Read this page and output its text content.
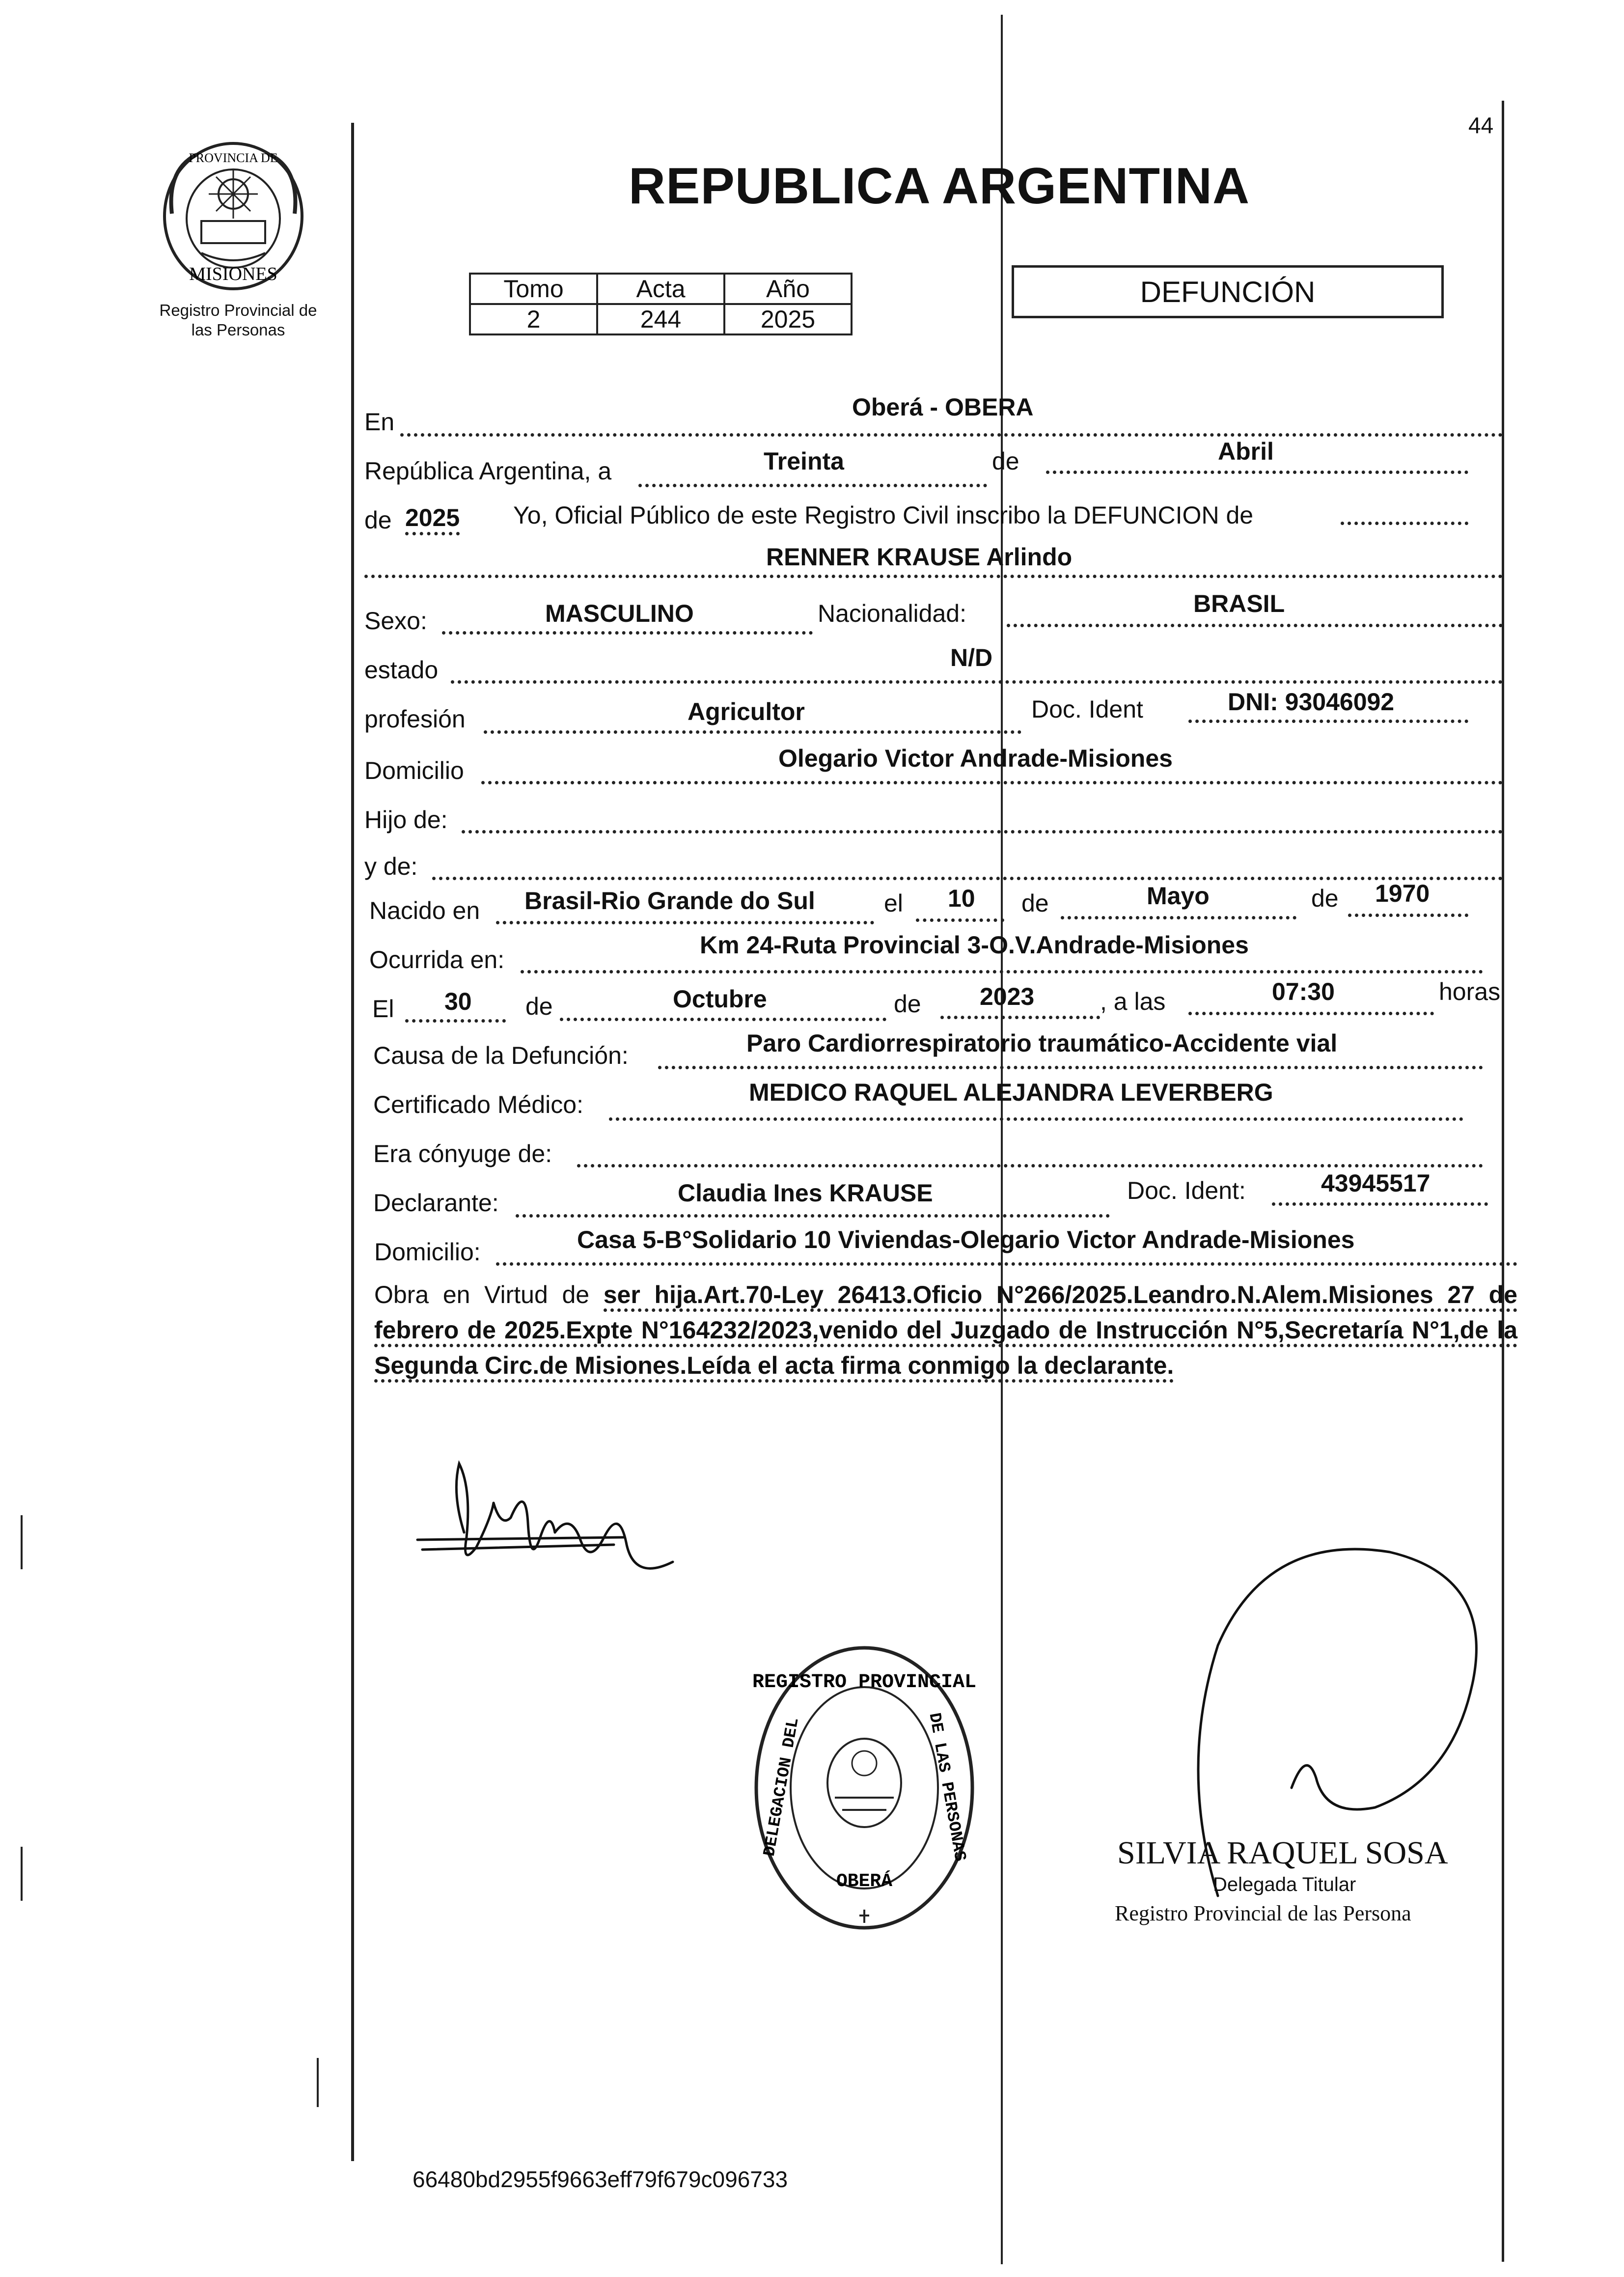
44
PROVINCIA DE
MISIONES
Registro Provincial de
las Personas
REPUBLICA ARGENTINA
Tomo	Acta	Año
2	244	2025
DEFUNCIÓN
En
Oberá - OBERA
República Argentina, a	Treinta	de	Abril
de 2025 Yo, Oficial Público de este Registro Civil inscribo la DEFUNCION de
RENNER KRAUSE Arlindo
Sexo:	MASCULINO	Nacionalidad:	BRASIL
estado	N/D
profesión	Agricultor	Doc. Ident	DNI: 93046092
Domicilio	Olegario Victor Andrade-Misiones
Hijo de:
y de:
Nacido en Brasil-Rio Grande do Sul	el 10 de	Mayo	de 1970
Ocurrida en:
Km 24-Ruta Provincial 3-O.V.Andrade-Misiones
El 30 de	Octubre	de 2023	, a las	07:30	horas
Causa de la Defunción:	Paro Cardiorrespiratorio traumático-Accidente vial
Certificado Médico:	MEDICO RAQUEL ALEJANDRA LEVERBERG
Era cónyuge de:
Declarante:	Claudia Ines KRAUSE	Doc. Ident:	43945517
Domicilio:	Casa 5-B°Solidario 10 Viviendas-Olegario Victor Andrade-Misiones
Obra en Virtud de ser hija.Art.70-Ley 26413.Oficio N°266/2025.Leandro.N.Alem.Misiones 27 de febrero de 2025.Expte N°164232/2023,venido del Juzgado de Instrucción N°5,Secretaría N°1,de la Segunda Circ.de Misiones.Leída el acta firma conmigo la declarante.
REGISTRO PROVINCIAL
DELEGACION DEL	DE LAS PERSONAS
OBERÁ
SILVIA RAQUEL SOSA
Delegada Titular
Registro Provincial de las Persona
66480bd2955f9663eff79f679c096733
